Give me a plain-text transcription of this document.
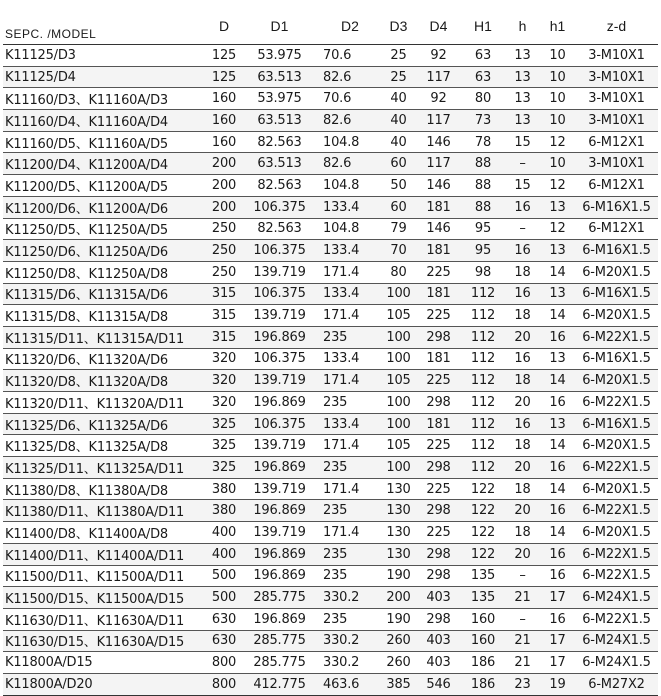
SEPC. /MODEL	D	D1	D2	D3	D4	H1	h	h1	z-d
K11125/D3	125	53.975	70.6	25	92	63	13	10	3-M10X1
K11125/D4	125	63.513	82.6	25	117	63	13	10	3-M10X1
K11160/D3、K11160A/D3	160	53.975	70.6	40	92	80	13	10	3-M10X1
K11160/D4、K11160A/D4	160	63.513	82.6	40	117	73	13	10	3-M10X1
K11160/D5、K11160A/D5	160	82.563	104.8	40	146	78	15	12	6-M12X1
K11200/D4、K11200A/D4	200	63.513	82.6	60	117	88	–	10	3-M10X1
K11200/D5、K11200A/D5	200	82.563	104.8	50	146	88	15	12	6-M12X1
K11200/D6、K11200A/D6	200	106.375	133.4	60	181	88	16	13	6-M16X1.5
K11250/D5、K11250A/D5	250	82.563	104.8	79	146	95	–	12	6-M12X1
K11250/D6、K11250A/D6	250	106.375	133.4	70	181	95	16	13	6-M16X1.5
K11250/D8、K11250A/D8	250	139.719	171.4	80	225	98	18	14	6-M20X1.5
K11315/D6、K11315A/D6	315	106.375	133.4	100	181	112	16	13	6-M16X1.5
K11315/D8、K11315A/D8	315	139.719	171.4	105	225	112	18	14	6-M20X1.5
K11315/D11、K11315A/D11	315	196.869	235	100	298	112	20	16	6-M22X1.5
K11320/D6、K11320A/D6	320	106.375	133.4	100	181	112	16	13	6-M16X1.5
K11320/D8、K11320A/D8	320	139.719	171.4	105	225	112	18	14	6-M20X1.5
K11320/D11、K11320A/D11	320	196.869	235	100	298	112	20	16	6-M22X1.5
K11325/D6、K11325A/D6	325	106.375	133.4	100	181	112	16	13	6-M16X1.5
K11325/D8、K11325A/D8	325	139.719	171.4	105	225	112	18	14	6-M20X1.5
K11325/D11、K11325A/D11	325	196.869	235	100	298	112	20	16	6-M22X1.5
K11380/D8、K11380A/D8	380	139.719	171.4	130	225	122	18	14	6-M20X1.5
K11380/D11、K11380A/D11	380	196.869	235	130	298	122	20	16	6-M22X1.5
K11400/D8、K11400A/D8	400	139.719	171.4	130	225	122	18	14	6-M20X1.5
K11400/D11、K11400A/D11	400	196.869	235	130	298	122	20	16	6-M22X1.5
K11500/D11、K11500A/D11	500	196.869	235	190	298	135	–	16	6-M22X1.5
K11500/D15、K11500A/D15	500	285.775	330.2	200	403	135	21	17	6-M24X1.5
K11630/D11、K11630A/D11	630	196.869	235	190	298	160	–	16	6-M22X1.5
K11630/D15、K11630A/D15	630	285.775	330.2	260	403	160	21	17	6-M24X1.5
K11800A/D15	800	285.775	330.2	260	403	186	21	17	6-M24X1.5
K11800A/D20	800	412.775	463.6	385	546	186	23	19	6-M27X2
